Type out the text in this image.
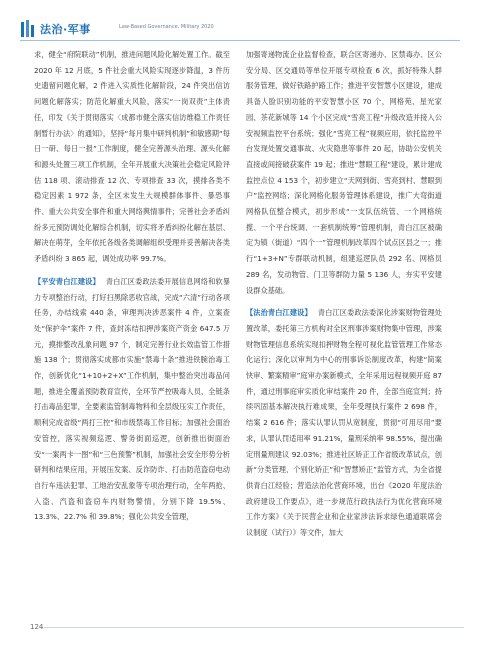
法治·军事	Law-Based Governance, Military 2020

求，健全“府院联动”机制，推进问题风险化解处置工作。截至 2020 年 12 月底，5 件社会重大风险实现逐步降温，3 件历史遗留问题化解，2 件进入实质性化解阶段，24 件突出信访问题化解落实；防范化解重大风险，落实“一岗双责”主体责任，印发《关于贯彻落实〈成都市健全落实信访维稳工作责任制暂行办法〉的通知》，坚持“每月集中研判机制”和敏感期“每日一研、每日一报”工作制度，健全完善源头治理、源头化解和源头处置三项工作机制，全年开展重大决策社会稳定风险评估 118 项、滚动排查 12 次、专项排查 33 次，摸排各类不稳定因素 1 972 条，全区未发生大规模群体事件、暴恐事件、重大公共安全事件和重大网络舆情事件；完善社会矛盾纠纷多元预防调处化解综合机制，切实将矛盾纠纷化解在基层、解决在萌芽，全年依托各级各类调解组织受理并妥善解决各类矛盾纠纷 3 865 起，调处成功率 99.7%。

【平安青白江建设】 青白江区委政法委开展信息网络和软暴力专项整治行动，打好扫黑除恶收官战，完成“六清”行动各项任务，办结线索 440 条，审理判决涉恶案件 4 件，立案查处“保护伞”案件 7 件，查封冻结扣押涉案资产资金 647.5 万元，摸排整改乱象问题 97 个，制定完善行业长效监管工作措施 138 个；贯彻落实成都市实施“禁毒十条”推进铁腕治毒工作，创新优化“1+10+2+X”工作机制，集中整治突出毒品问题，推进全覆盖预防教育宣传，全环节严控吸毒人员、全链条打击毒品犯罪，全要素监管制毒物料和全层级压实工作责任，顺利完成省级“两打三控”和市级禁毒工作目标；加强社会面治安管控，落实视频巡逻、警务街面巡逻，创新推出街面治安“一案两卡一图”和“三色预警”机制，加强社会安全形势分析研判和结果应用，开展压发案、反诈防诈、打击防范盗窃电动自行车违法犯罪、工地治安乱象等专项治理行动，全年两抢、入盗、汽盗和盗窃车内财物警情，分别下降 19.5%、13.3%、22.7% 和 39.8%；强化公共安全管理，

加强寄递物流企业监督检查，联合区寄递办、区禁毒办、区公安分局、区交通局等单位开展专项检查 6 次，抓好特殊人群服务管理，做好铁路护路工作；推进平安智慧小区建设，建成具备人脸识别功能的平安智慧小区 70 个，网格苑、星光家园、茶花新城等 14 个小区完成“雪亮工程”升级改造并接入公安视频监控平台系统；强化“雪亮工程”视频应用，依托监控平台发现处置交通事故、火灾隐患等事件 20 起，协助公安机关直接或间接破获案件 19 起；推进“慧眼工程”建设，累计建成监控点位 4 153 个，初步建立“天网到街、雪亮到村、慧眼到户”监控网络；深化网格化服务管理体系建设，推广大弯街道网格队伍整合模式，初步形成“一支队伍统管、一个网格统揽、一个平台统调、一套机制统筹”管理机制，青白江区被确定为镇（街道）“四个一”管理机制改革四个试点区县之一；推行“1+3+N”专群联动机制，组建巡逻队员 292 名、网格员 289 名，发动物管、门卫等群防力量 5 136 人，夯实平安建设群众基础。

【法治青白江建设】 青白江区委政法委深化涉案财物管理处置改革，委托第三方机构对全区刑事涉案财物集中管理，涉案财物管理信息系统实现扣押财物全程可视化监管管理工作常态化运行；深化以审判为中心的刑事诉讼制度改革，构建“简案快审、繁案精审”庭审办案新模式，全年采用远程视频开庭 87 件，通过刑事庭审实质化审结案件 20 件，全部当庭宣判；持续巩固基本解决执行难成果，全年受理执行案件 2 698 件，结案 2 616 件；落实认罪认罚从宽制度，贯彻“可用尽用”要求，认罪认罚适用率 91.21%，量刑采纳率 98.55%，提出确定刑量刑建议 92.03%；推进社区矫正工作省级改革试点，创新“分类管理、个别化矫正”和“智慧矫正”监管方式，为全省提供青白江经验；营造法治化营商环境，出台《2020 年度法治政府建设工作要点》，进一步规范行政执法行为优化营商环境工作方案》《关于民营企业和企业家涉法诉求绿色通道联席会议制度（试行）》等文件，加大

124
